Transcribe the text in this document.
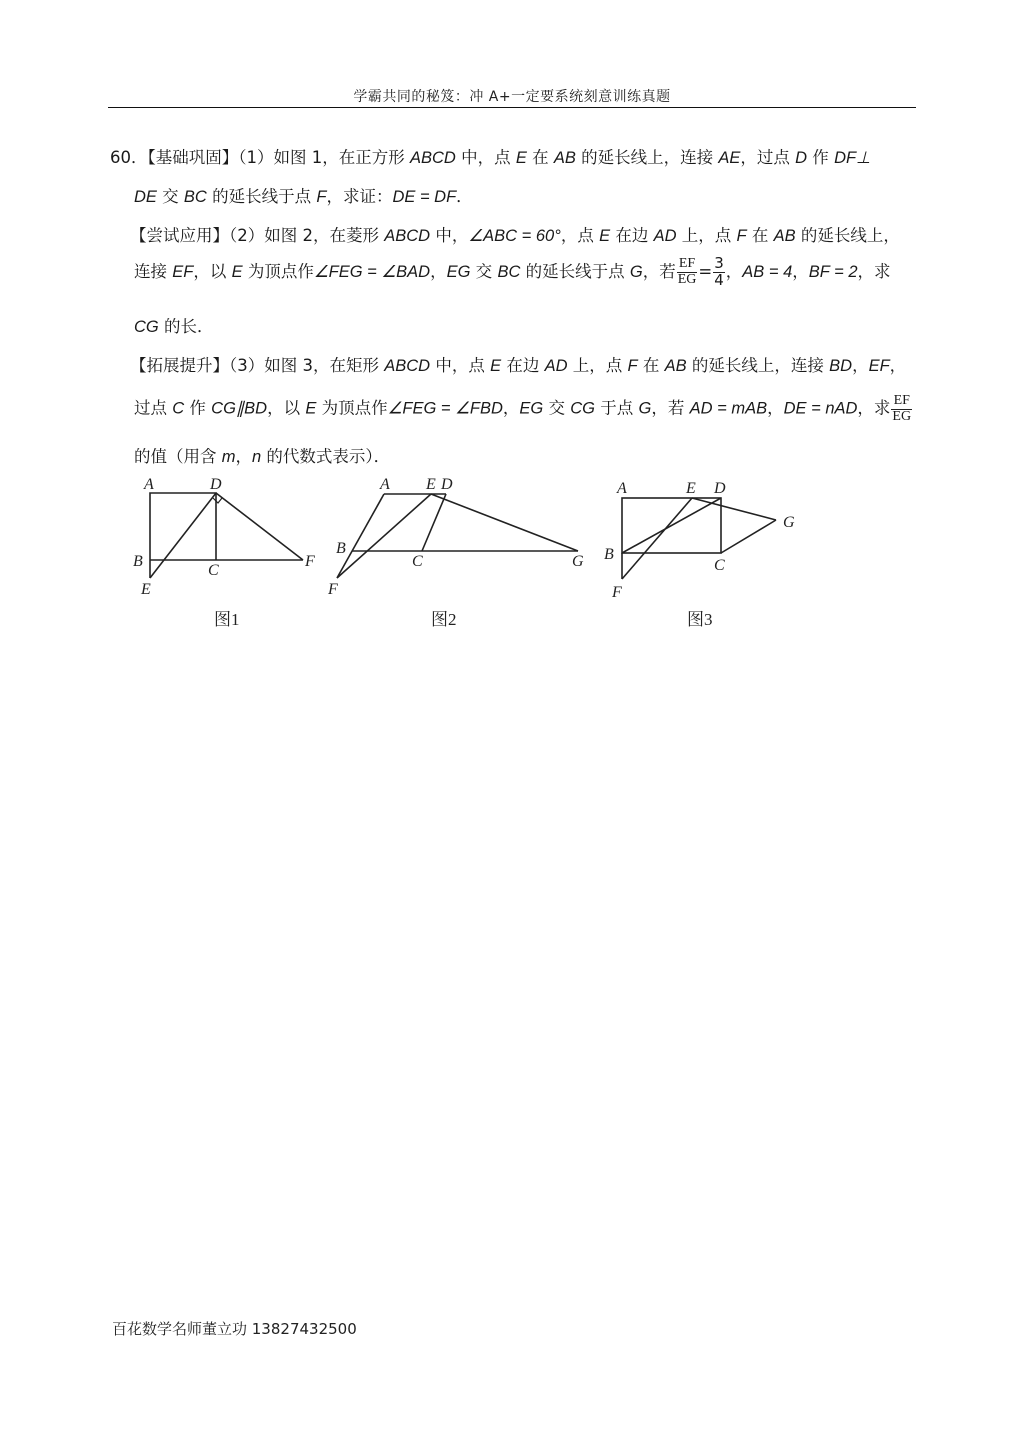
学霸共同的秘笈：冲 A+一定要系统刻意训练真题
60．【基础巩固】（1）如图 1，在正方形 ABCD 中，点 E 在 AB 的延长线上，连接 AE，过点 D 作 DF⊥
DE 交 BC 的延长线于点 F，求证：DE = DF．
【尝试应用】（2）如图 2，在菱形 ABCD 中，∠ABC = 60°，点 E 在边 AD 上，点 F 在 AB 的延长线上，
连接 EF，以 E 为顶点作∠FEG = ∠BAD，EG 交 BC 的延长线于点 G，若 $\frac{EF}{EG} = \frac{3}{4}$ ，AB = 4，BF = 2，求
CG 的长．
【拓展提升】（3）如图 3，在矩形 ABCD 中，点 E 在边 AD 上，点 F 在 AB 的延长线上，连接 BD，EF，
过点 C 作 CG∥BD，以 E 为顶点作∠FEG = ∠FBD，EG 交 CG 于点 G，若 AD = mAB，DE = nAD，求 $\frac{EF}{EG}$
的值（用含 m，n 的代数式表示）．
A	D
B
C
E
F
A E D
B
C	G
F
A	E D
G
B
C
F
图1	图2	图3
百花数学名师董立功 13827432500
